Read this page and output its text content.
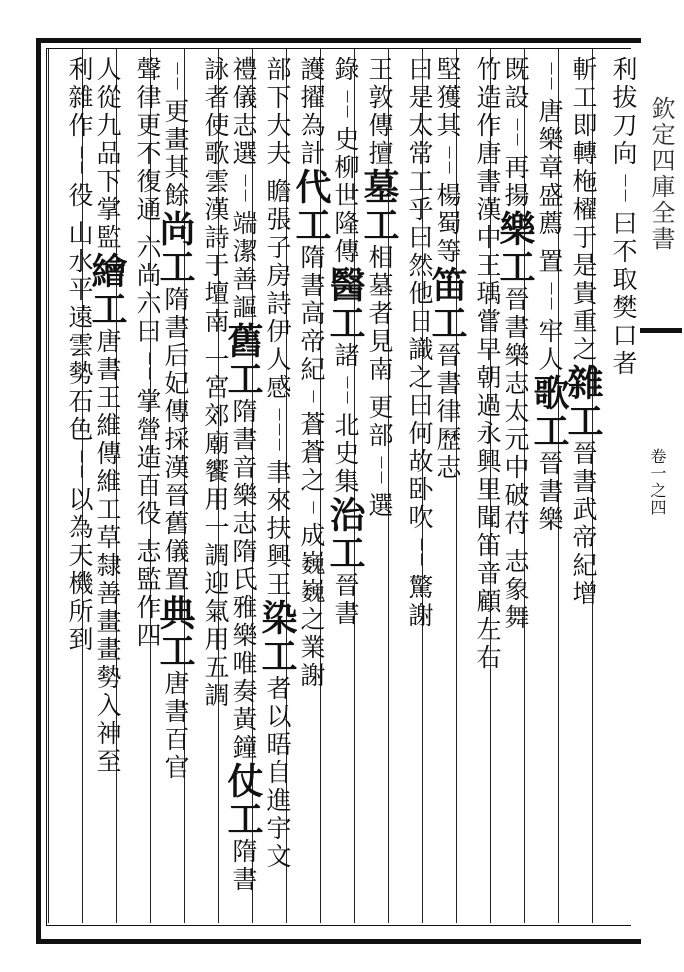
欽定四庫全書
卷一之四
利拔刀向丨丨曰不取樊口者
斬工即轉柂櫂于是貴重之雜工晉書武帝紀增
丨丨唐樂章盛薦置丨丨牢人歌工晉書樂
既設丨丨再揚樂工晉書樂志太元中破苻志象舞
竹造作唐書漢中王瑀嘗早朝過永興里聞笛音顧左右
堅獲其丨丨楊蜀等笛工晉書律歷志
曰是太常工乎曰然他日識之曰何故卧吹丨丨驚謝
王敦傳擅墓工相墓者見南更部丨丨選
錄丨丨史柳世隆傳醫工諸丨丨北史集治工晉書
護擢為計代工隋書高帝紀丨蒼蒼之丨成巍巍之業謝
部下大夫瞻張子房詩伊人感丨丨丨聿來扶興王染工者以晤自進宇文
禮儀志選丨丨端潔善謳舊工隋書音樂志隋氏雅樂唯奏黃鐘仗工隋書
詠者使歌雲漢詩于壇南一宮郊廟饗用一調迎氣用五調
丨丨更畫其餘尚工隋書后妃傳採漢晉舊儀置典工唐書百官
聲律更不復通六尚六曰丨丨掌營造百役志監作四
人從九品下掌監繪工唐書王維傳維工草隸善畫畫勢入神至
利雜作丨丨役山水平遠雲勢石色丨丨以為天機所到
